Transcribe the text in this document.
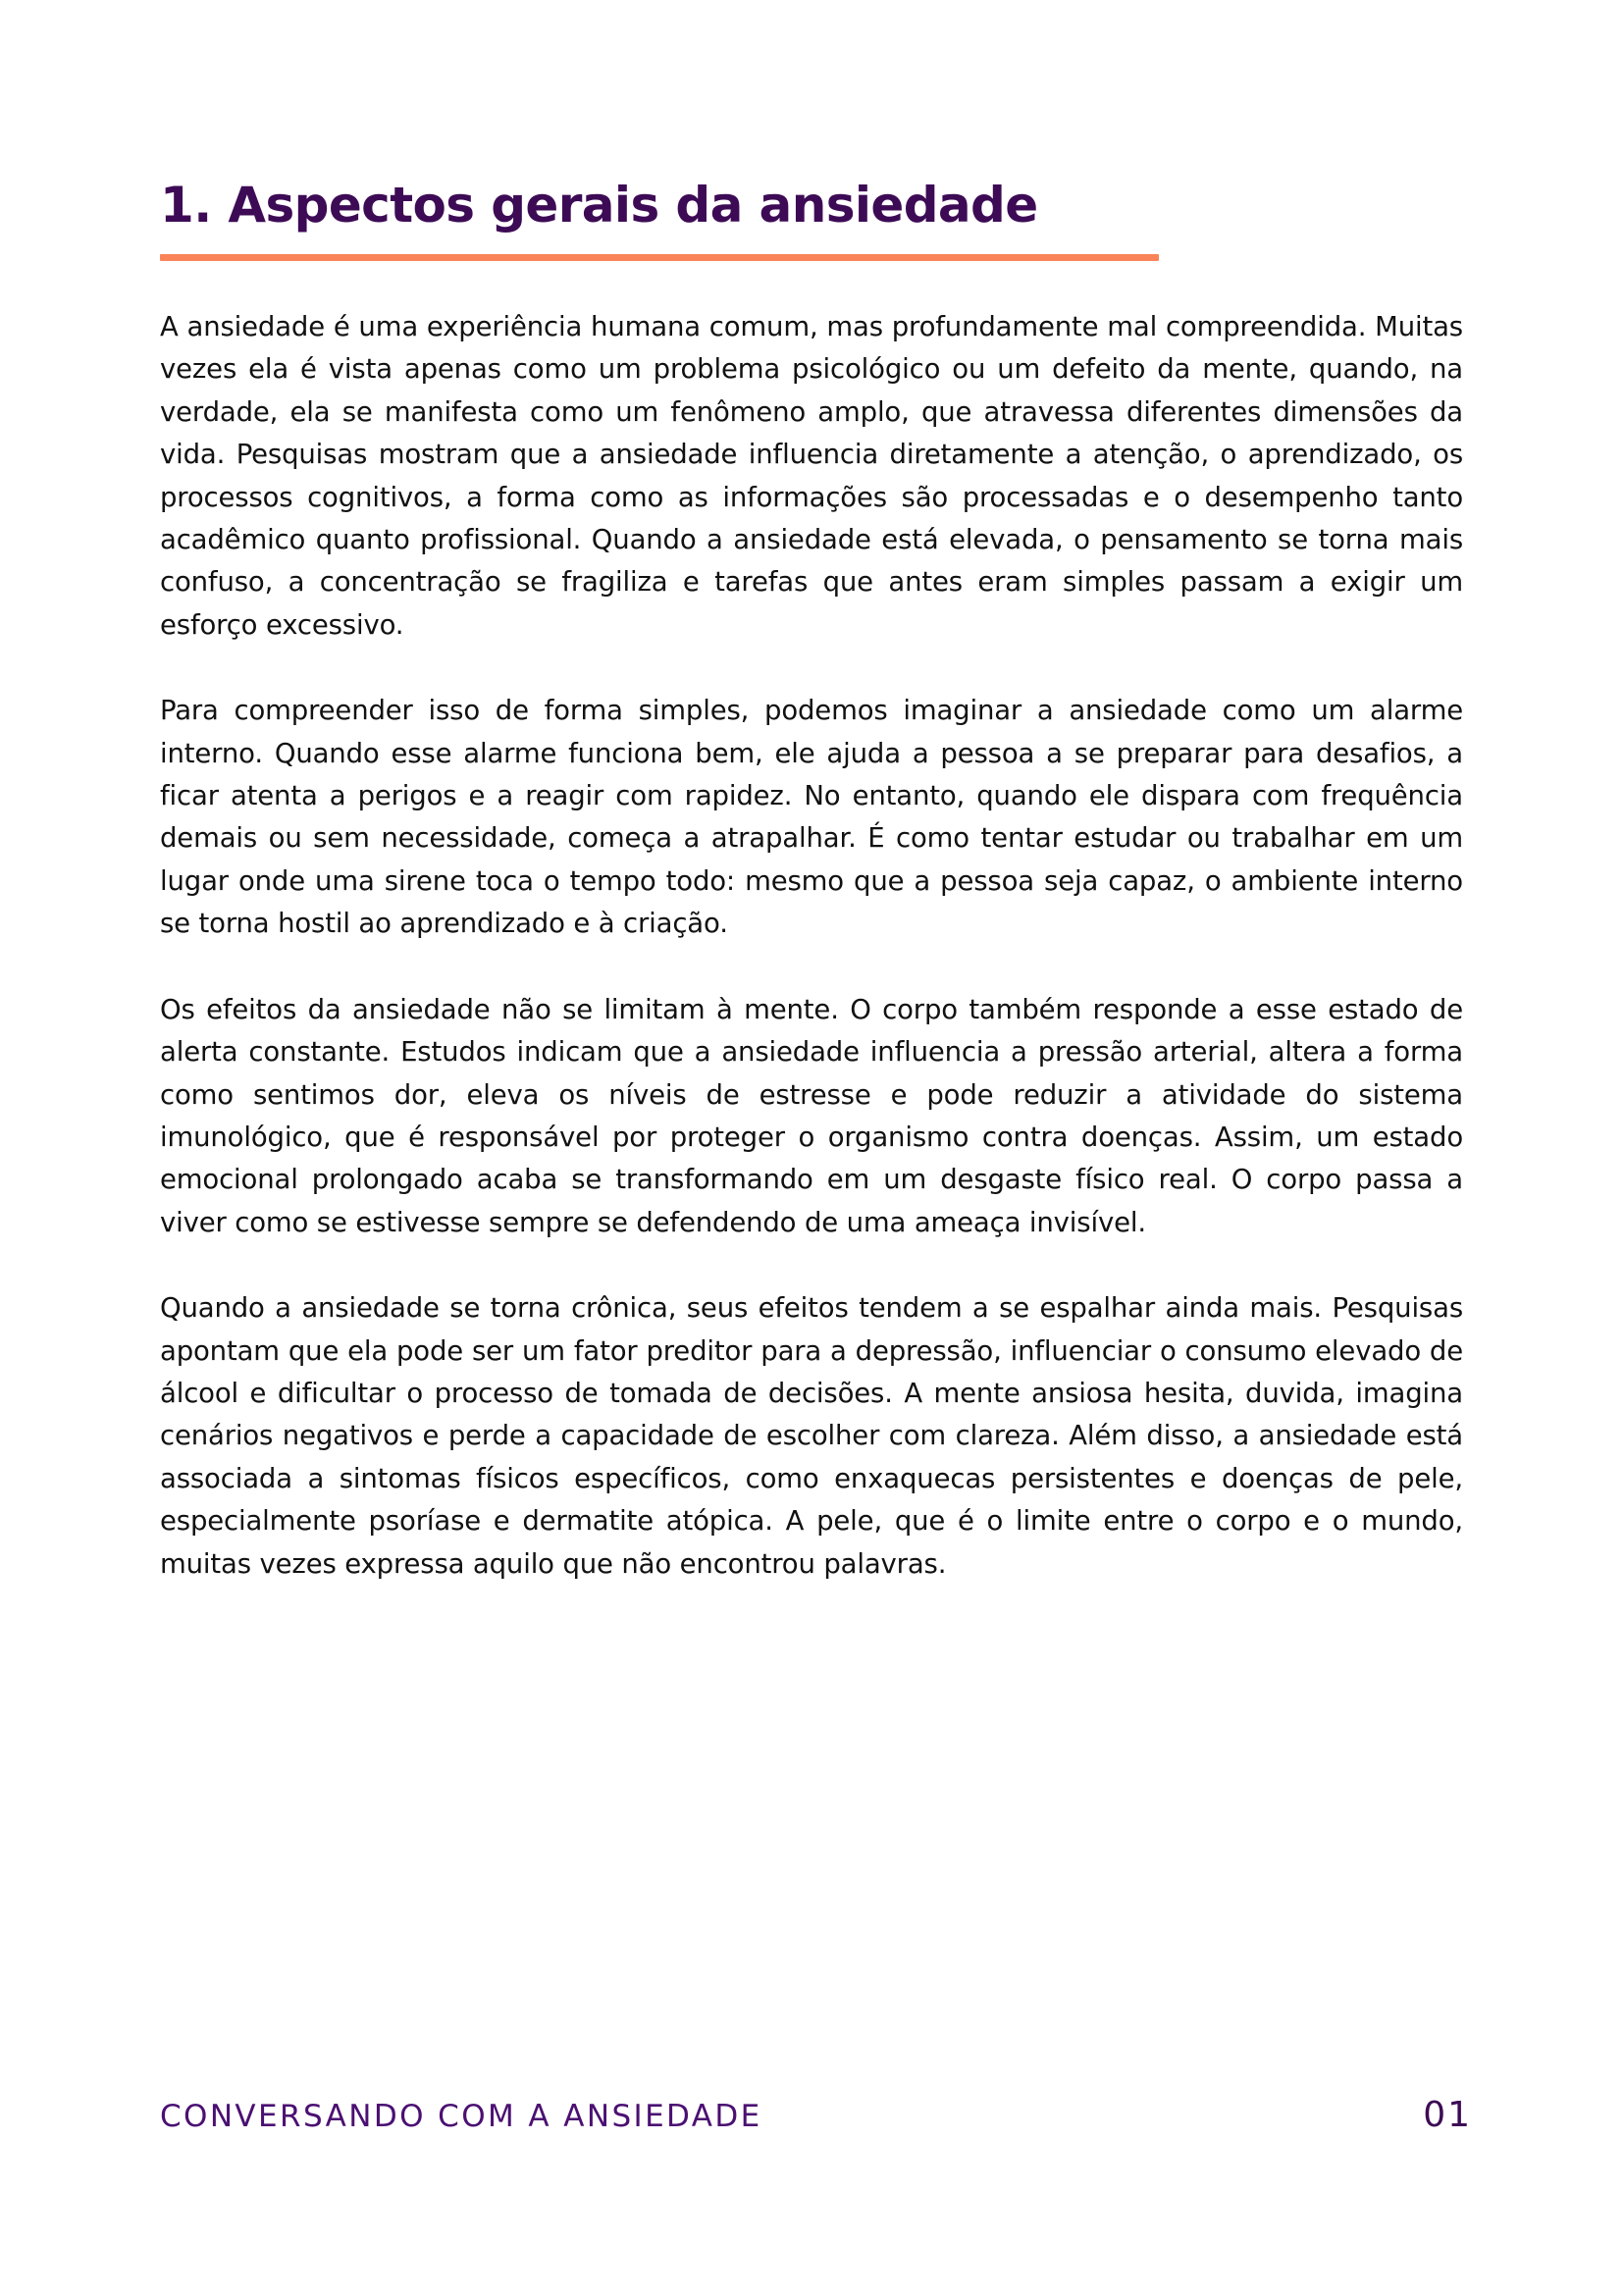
1. Aspectos gerais da ansiedade

A ansiedade é uma experiência humana comum, mas profundamente mal compreendida. Muitas vezes ela é vista apenas como um problema psicológico ou um defeito da mente, quando, na verdade, ela se manifesta como um fenômeno amplo, que atravessa diferentes dimensões da vida. Pesquisas mostram que a ansiedade influencia diretamente a atenção, o aprendizado, os processos cognitivos, a forma como as informações são processadas e o desempenho tanto acadêmico quanto profissional. Quando a ansiedade está elevada, o pensamento se torna mais confuso, a concentração se fragiliza e tarefas que antes eram simples passam a exigir um esforço excessivo.

Para compreender isso de forma simples, podemos imaginar a ansiedade como um alarme interno. Quando esse alarme funciona bem, ele ajuda a pessoa a se preparar para desafios, a ficar atenta a perigos e a reagir com rapidez. No entanto, quando ele dispara com frequência demais ou sem necessidade, começa a atrapalhar. É como tentar estudar ou trabalhar em um lugar onde uma sirene toca o tempo todo: mesmo que a pessoa seja capaz, o ambiente interno se torna hostil ao aprendizado e à criação.

Os efeitos da ansiedade não se limitam à mente. O corpo também responde a esse estado de alerta constante. Estudos indicam que a ansiedade influencia a pressão arterial, altera a forma como sentimos dor, eleva os níveis de estresse e pode reduzir a atividade do sistema imunológico, que é responsável por proteger o organismo contra doenças. Assim, um estado emocional prolongado acaba se transformando em um desgaste físico real. O corpo passa a viver como se estivesse sempre se defendendo de uma ameaça invisível.

Quando a ansiedade se torna crônica, seus efeitos tendem a se espalhar ainda mais. Pesquisas apontam que ela pode ser um fator preditor para a depressão, influenciar o consumo elevado de álcool e dificultar o processo de tomada de decisões. A mente ansiosa hesita, duvida, imagina cenários negativos e perde a capacidade de escolher com clareza. Além disso, a ansiedade está associada a sintomas físicos específicos, como enxaquecas persistentes e doenças de pele, especialmente psoríase e dermatite atópica. A pele, que é o limite entre o corpo e o mundo, muitas vezes expressa aquilo que não encontrou palavras.

CONVERSANDO COM A ANSIEDADE	01
